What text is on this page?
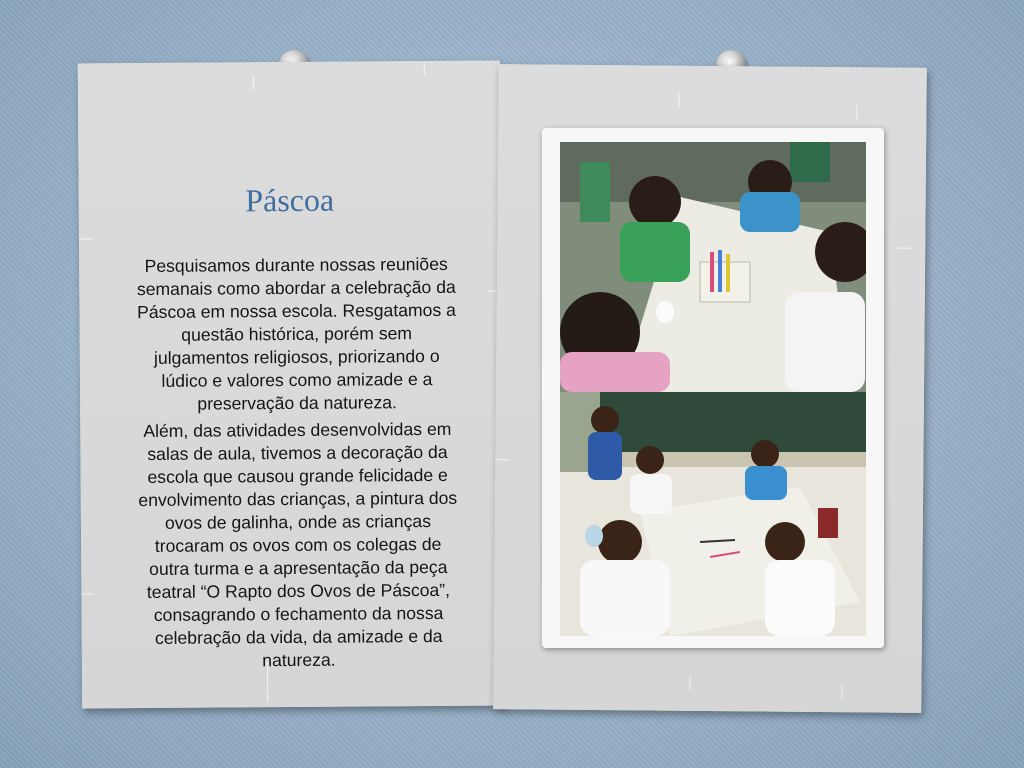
Páscoa

Pesquisamos durante nossas reuniões semanais como abordar a celebração da Páscoa em nossa escola. Resgatamos a questão histórica, porém sem julgamentos religiosos, priorizando o lúdico e valores como amizade e a preservação da natureza.

Além, das atividades desenvolvidas em salas de aula, tivemos a decoração da escola que causou grande felicidade e envolvimento das crianças, a pintura dos ovos de galinha, onde as crianças trocaram os ovos com os colegas de outra turma e a apresentação da peça teatral “O Rapto dos Ovos de Páscoa”, consagrando o fechamento da nossa celebração da vida, da amizade e da natureza.
